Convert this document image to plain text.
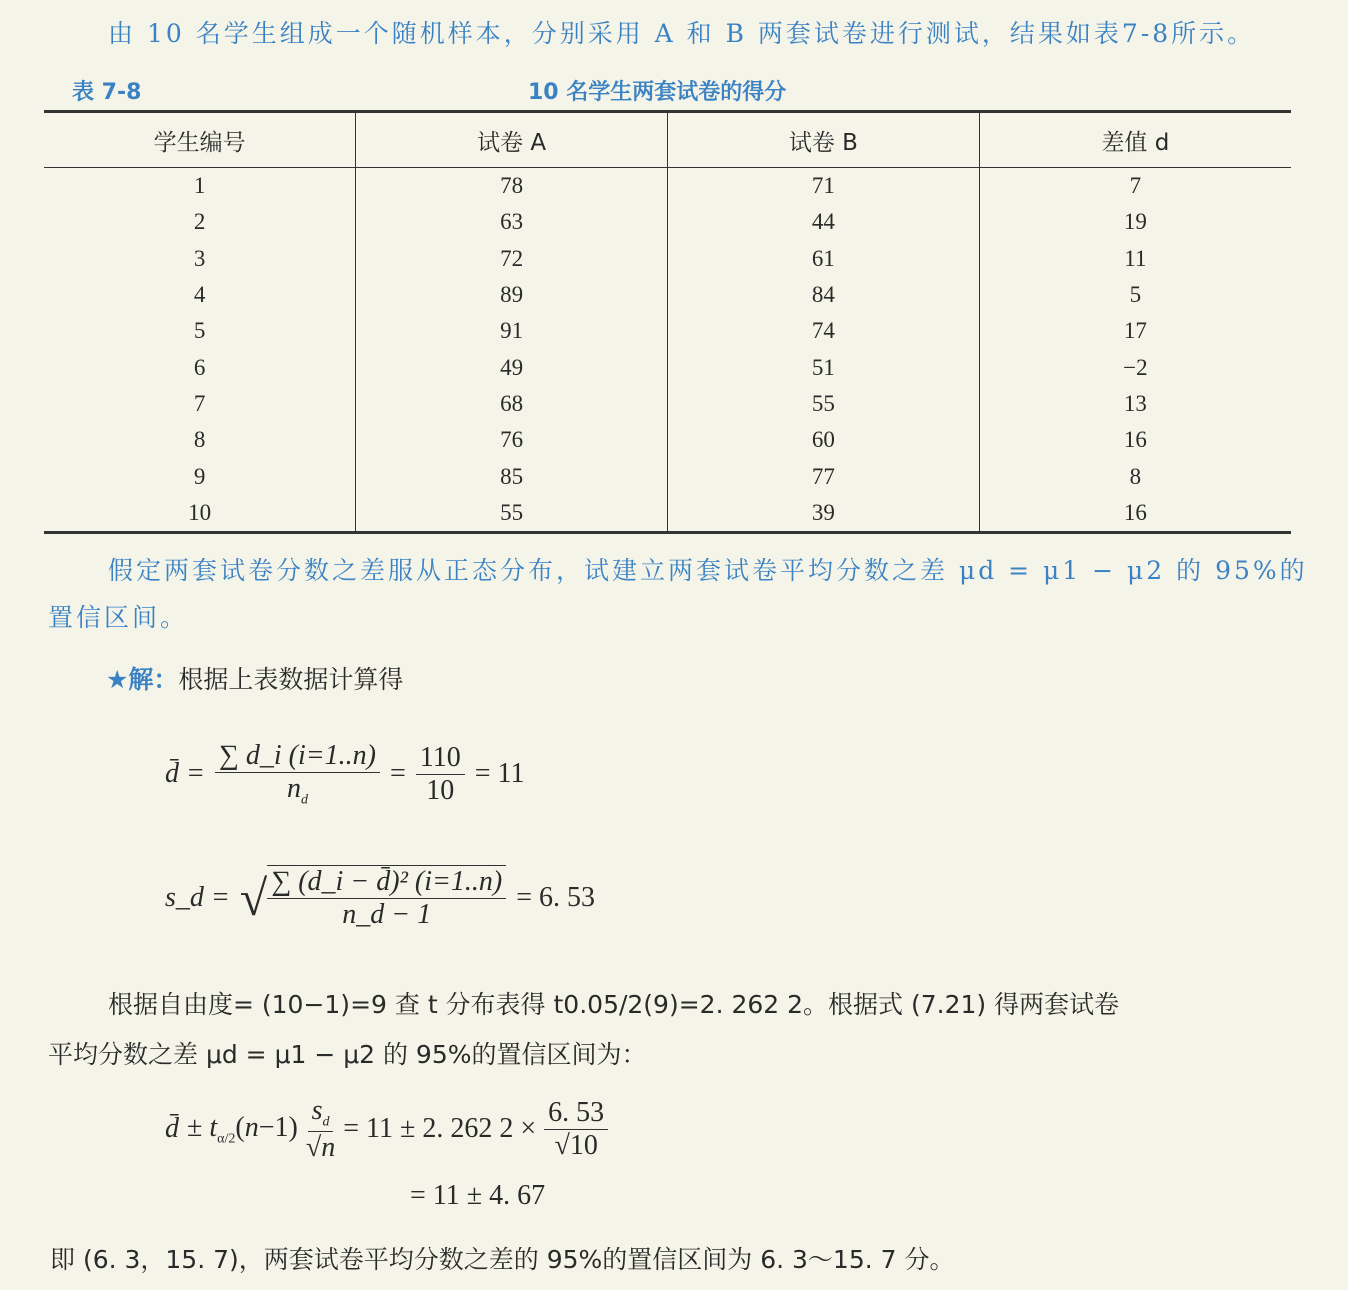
由 10 名学生组成一个随机样本，分别采用 A 和 B 两套试卷进行测试，结果如表7-8所示。
表 7-8	10 名学生两套试卷的得分
学生编号	试卷 A	试卷 B	差值 d
1	78	71	7
2	63	44	19
3	72	61	11
4	89	84	5
5	91	74	17
6	49	51	−2
7	68	55	13
8	76	60	16
9	85	77	8
10	55	39	16
假定两套试卷分数之差服从正态分布，试建立两套试卷平均分数之差 μd = μ1 − μ2 的 95%的
置信区间。
★解：根据上表数据计算得
d̄ = $\frac{\sum d\_i (i=1..n)}{n_d} = \frac{110}{10} = 11$
s_d = √ $\frac{\text{∑ (d\_i − d̄)² (i=1..n)}}{n\_d - 1} = 6$. 53
根据自由度= (10−1)=9 查 t 分布表得 t0.05/2(9)=2. 262 2。根据式 (7.21) 得两套试卷
平均分数之差 μd = μ1 − μ2 的 95%的置信区间为：
d̄ ± $t_{\alpha/2}(n-1) \frac{s_d}{√n} = 11 \pm 2$. 262 $2 \times \frac{6. 53}{√10}$
= 11 ± 4. 67
即 (6. 3，15. 7)，两套试卷平均分数之差的 95%的置信区间为 6. 3～15. 7 分。
